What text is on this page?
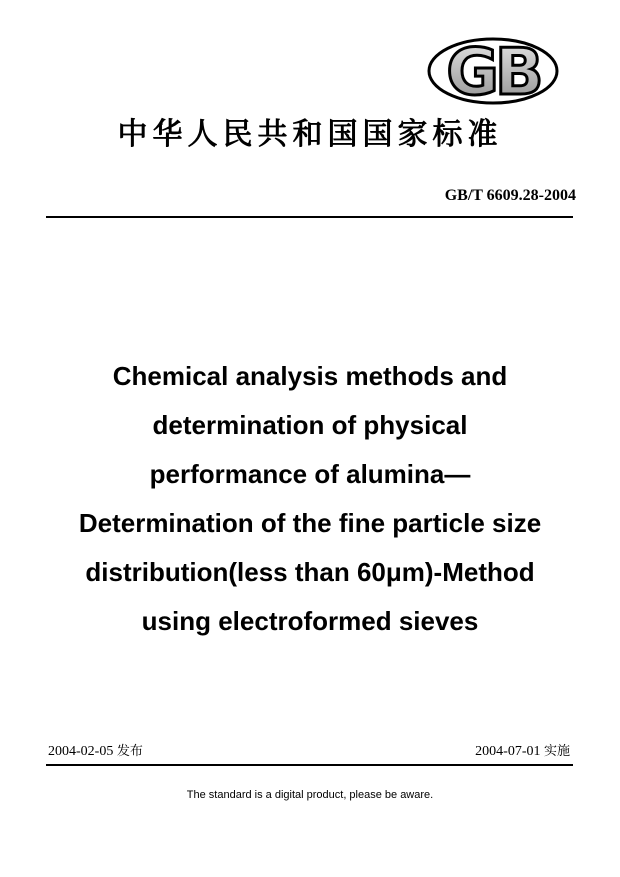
GB
中华人民共和国国家标准
GB/T 6609.28-2004
Chemical analysis methods and
determination of physical
performance of alumina—
Determination of the fine particle size
distribution(less than 60μm)-Method
using electroformed sieves
2004-02-05 发布	2004-07-01 实施
The standard is a digital product, please be aware.
